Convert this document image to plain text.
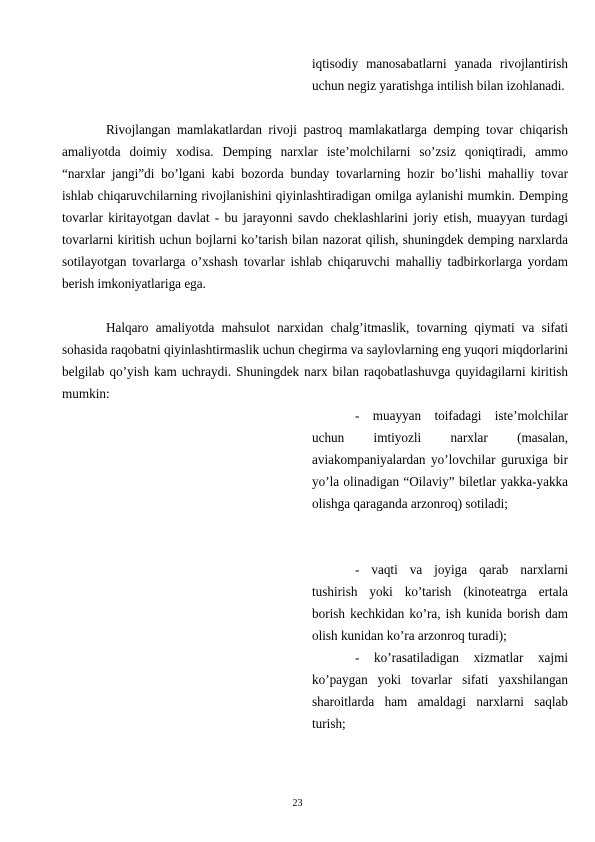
iqtisodiy manosabatlarni yanada rivojlantirish uchun negiz yaratishga intilish bilan izohlanadi.

Rivojlangan mamlakatlardan rivoji pastroq mamlakatlarga demping tovar chiqarish amaliyotda doimiy xodisa. Demping narxlar iste’molchilarni so’zsiz qoniqtiradi, ammo “narxlar jangi”di bo’lgani kabi bozorda bunday tovarlarning hozir bo’lishi mahalliy tovar ishlab chiqaruvchilarning rivojlanishini qiyinlashtiradigan omilga aylanishi mumkin. Demping tovarlar kiritayotgan davlat - bu jarayonni savdo cheklashlarini joriy etish, muayyan turdagi tovarlarni kiritish uchun bojlarni ko’tarish bilan nazorat qilish, shuningdek demping narxlarda sotilayotgan tovarlarga o’xshash tovarlar ishlab chiqaruvchi mahalliy tadbirkorlarga yordam berish imkoniyatlariga ega.

Halqaro amaliyotda mahsulot narxidan chalg’itmaslik, tovarning qiymati va sifati sohasida raqobatni qiyinlashtirmaslik uchun chegirma va saylovlarning eng yuqori miqdorlarini belgilab qo’yish kam uchraydi. Shuningdek narx bilan raqobatlashuvga quyidagilarni kiritish mumkin:

- muayyan toifadagi iste’molchilar uchun imtiyozli narxlar (masalan, aviakompaniyalardan yo’lovchilar guruxiga bir yo’la olinadigan “Oilaviy” biletlar yakka-yakka olishga qaraganda arzonroq) sotiladi;

- vaqti va joyiga qarab narxlarni tushirish yoki ko’tarish (kinoteatrga ertala borish kechkidan ko’ra, ish kunida borish dam olish kunidan ko’ra arzonroq turadi);

- ko’rasatiladigan xizmatlar xajmi ko’paygan yoki tovarlar sifati yaxshilangan sharoitlarda ham amaldagi narxlarni saqlab turish;

23
